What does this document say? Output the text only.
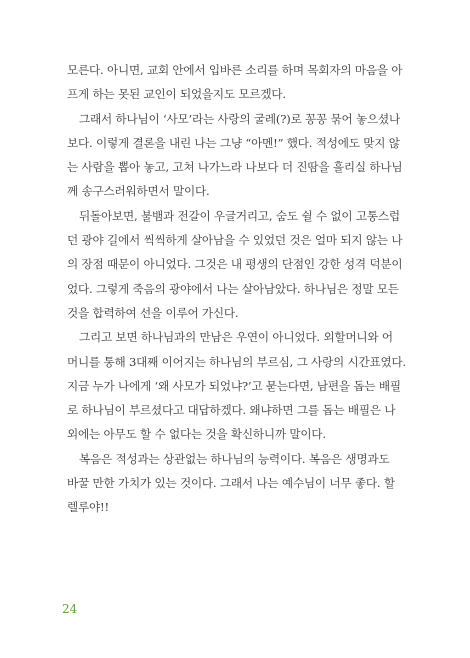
모른다. 아니면, 교회 안에서 입바른 소리를 하며 목회자의 마음을 아
프게 하는 못된 교인이 되었을지도 모르겠다.
그래서 하나님이 ‘사모’라는 사랑의 굴레(?)로 꽁꽁 묶어 놓으셨나
보다. 이렇게 결론을 내린 나는 그냥 “아멘!” 했다. 적성에도 맞지 않
는 사람을 뽑아 놓고, 고쳐 나가느라 나보다 더 진땀을 흘리실 하나님
께 송구스러워하면서 말이다.
뒤돌아보면, 불뱀과 전갈이 우글거리고, 숨도 쉴 수 없이 고통스럽
던 광야 길에서 씩씩하게 살아남을 수 있었던 것은 얼마 되지 않는 나
의 장점 때문이 아니었다. 그것은 내 평생의 단점인 강한 성격 덕분이
었다. 그렇게 죽음의 광야에서 나는 살아남았다. 하나님은 정말 모든
것을 합력하여 선을 이루어 가신다.
그리고 보면 하나님과의 만남은 우연이 아니었다. 외할머니와 어
머니를 통해 3대째 이어지는 하나님의 부르심, 그 사랑의 시간표였다.
지금 누가 나에게 ‘왜 사모가 되었냐?’고 묻는다면, 남편을 돕는 배필
로 하나님이 부르셨다고 대답하겠다. 왜냐하면 그를 돕는 배필은 나
외에는 아무도 할 수 없다는 것을 확신하니까 말이다.
복음은 적성과는 상관없는 하나님의 능력이다. 복음은 생명과도
바꿀 만한 가치가 있는 것이다. 그래서 나는 예수님이 너무 좋다. 할
렐루야!!
24
